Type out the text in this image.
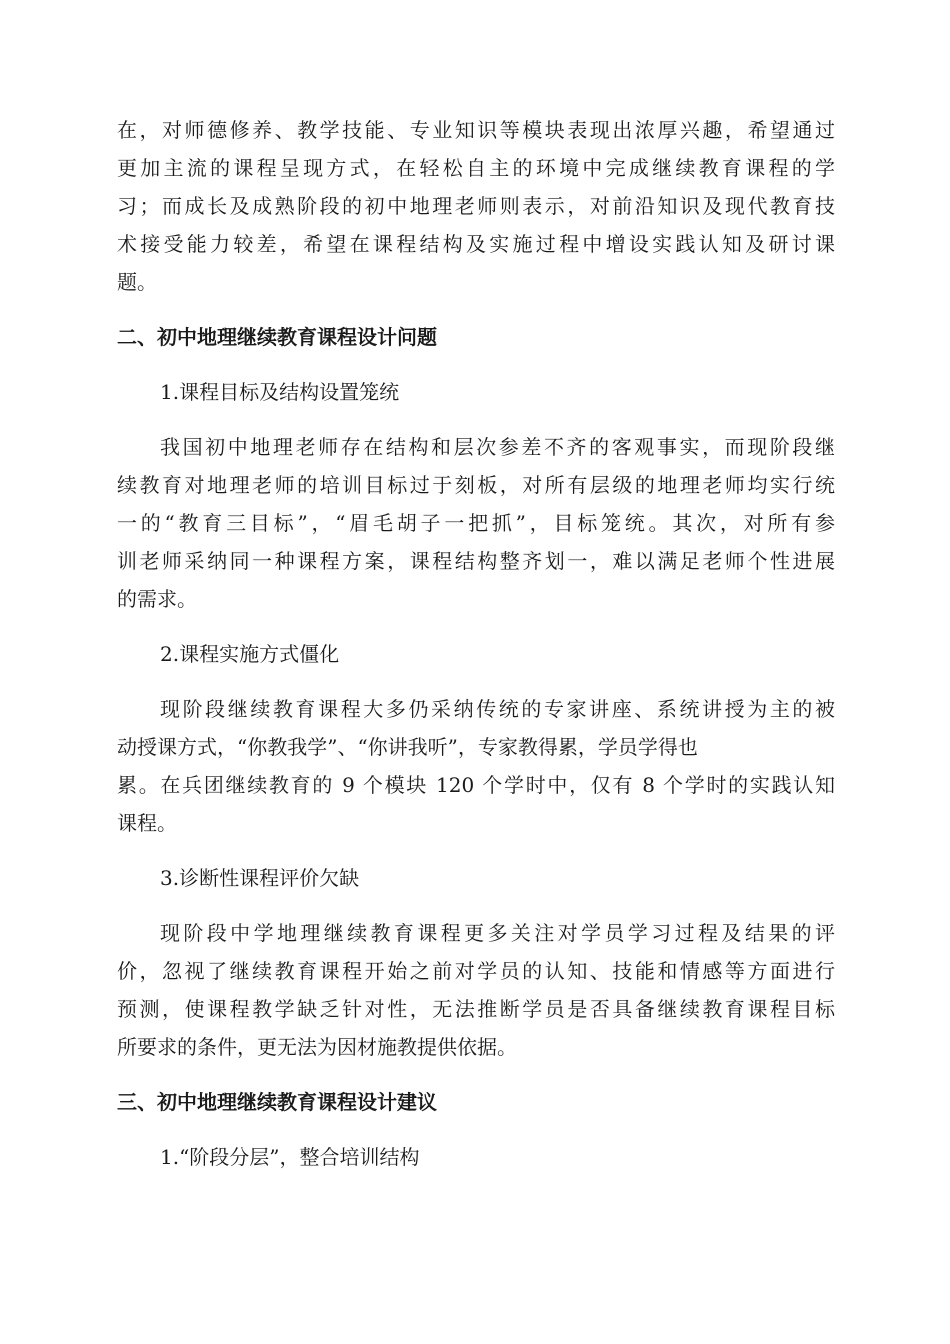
在，对师德修养、教学技能、专业知识等模块表现出浓厚兴趣，希望通过
更加主流的课程呈现方式，在轻松自主的环境中完成继续教育课程的学
习；而成长及成熟阶段的初中地理老师则表示，对前沿知识及现代教育技
术接受能力较差，希望在课程结构及实施过程中增设实践认知及研讨课
题。
二、初中地理继续教育课程设计问题
1.课程目标及结构设置笼统
我国初中地理老师存在结构和层次参差不齐的客观事实，而现阶段继
续教育对地理老师的培训目标过于刻板，对所有层级的地理老师均实行统
一的“教育三目标”，“眉毛胡子一把抓”，目标笼统。其次，对所有参
训老师采纳同一种课程方案，课程结构整齐划一，难以满足老师个性进展
的需求。
2.课程实施方式僵化
现阶段继续教育课程大多仍采纳传统的专家讲座、系统讲授为主的被
动授课方式，“你教我学”、“你讲我听”，专家教得累，学员学得也
累。在兵团继续教育的 9 个模块 120 个学时中，仅有 8 个学时的实践认知
课程。
3.诊断性课程评价欠缺
现阶段中学地理继续教育课程更多关注对学员学习过程及结果的评
价，忽视了继续教育课程开始之前对学员的认知、技能和情感等方面进行
预测，使课程教学缺乏针对性，无法推断学员是否具备继续教育课程目标
所要求的条件，更无法为因材施教提供依据。
三、初中地理继续教育课程设计建议
1.“阶段分层”，整合培训结构
